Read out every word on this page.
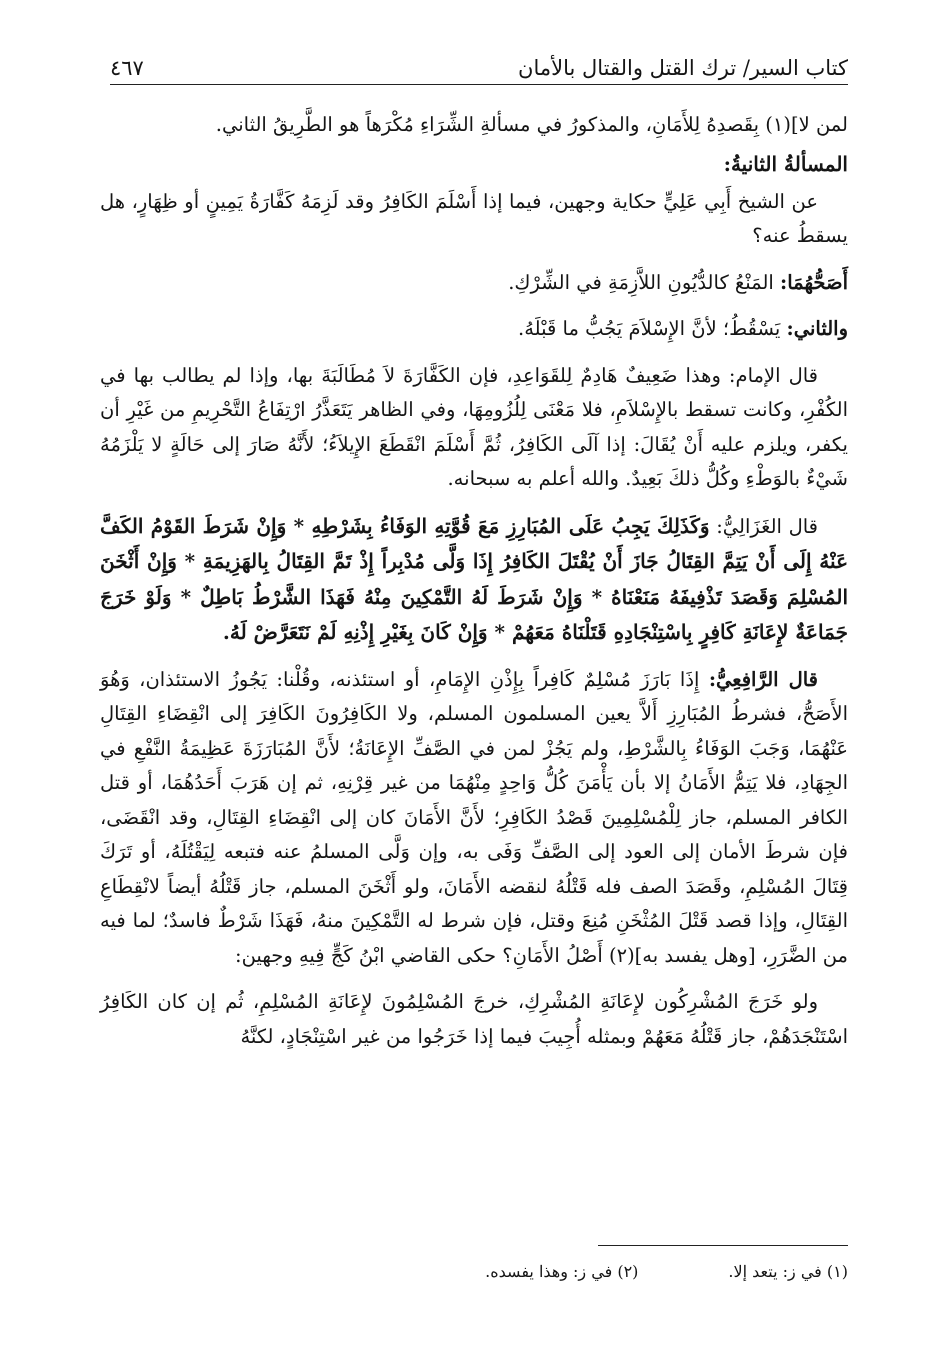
كتاب السير/ ترك القتل والقتال بالأمان
٤٦٧

لمن لا](١) بِقَصدِهُ لِلأَمَانِ، والمذكورُ في مسألةِ الشِّرَاءِ مُكْرَهاً هو الطَّرِيقُ الثاني.

المسألةُ الثانيةُ:

عن الشيخ أَبِي عَلِيٍّ حكاية وجهين، فيما إذا أَسْلَمَ الكَافِرُ وقد لَزِمَهُ كَفَّارَةُ يَمِينٍ أو ظِهَارٍ، هل يسقطُ عنه؟

أَصَحُّهُمَا: المَنْعُ كالدُّيُونِ اللاَّزِمَةِ في الشِّرْكِ.

والثاني: يَسْقُطُ؛ لأنَّ الإِسْلاَمَ يَجُبُّ ما قَبْلَهُ.

قال الإمام: وهذا ضَعِيفٌ هَادِمٌ لِلقَوَاعِدِ، فإن الكَفَّارَةَ لاَ مُطَالَبَةَ بها، وإذا لم يطالب بها في الكُفْرِ، وكانت تسقط بالإِسْلاَمِ، فلا مَعْنَى لِلُزُومِهَا، وفي الظاهر يَتَعَذَّرُ ارْتِفَاعُ التَّحْرِيمِ من غَيْرِ أن يكفر، ويلزم عليه أَنْ يُقَالَ: إذا آلَى الكَافِرُ، ثُمَّ أَسْلَمَ انْقَطَعَ الإِيلاَءُ؛ لأَنَّهُ صَارَ إلى حَالَةٍ لا يَلْزَمُهُ شَيْءٌ بالوَطْءِ وكُلُّ ذلكَ بَعِيدٌ. والله أعلم به سبحانه.

قال الغَزَالِيُّ: وَكَذَلِكَ يَجِبُ عَلَى المُبَارِزِ مَعَ قُوَّتِهِ الوَفَاءُ بِشَرْطِهِ * وَإِنْ شَرَطَ القَوْمُ الكَفَّ عَنْهُ إِلَى أَنْ يَتِمَّ القِتَالُ جَازَ أَنْ يُقْتَلَ الكَافِرُ إِذَا وَلَّى مُدْبِراً إِذْ تَمَّ القِتَالُ بِالهَزِيمَةِ * وَإِنْ أَثْخَنَ المُسْلِمَ وَقَصَدَ تَذْفِيفَهُ مَنَعْنَاهُ * وَإِنْ شَرَطَ لَهُ التَّمْكِينَ مِنْهُ فَهَذَا الشَّرْطُ بَاطِلٌ * وَلَوْ خَرَجَ جَمَاعَةٌ لإِعَانَةِ كَافِرٍ بِاسْتِنْجَادِهِ قَتَلْنَاهُ مَعَهُمْ * وَإِنْ كَانَ بِغَيْرِ إِذْنِهِ لَمْ نَتَعَرَّضْ لَهُ.

قال الرَّافِعِيُّ: إِذَا بَارَزَ مُسْلِمٌ كَافِراً بِإِذْنِ الإِمَامِ، أو استئذنه، وقُلْنا: يَجُوزُ الاستئذان، وَهُوَ الأَصَحُّ، فشرطُ المُبَارِزِ أَلاَّ يعين المسلمون المسلم، ولا الكَافِرُونَ الكَافِرَ إلى انْقِضَاءِ القِتَالِ عَنْهُمَا، وَجَبَ الوَفَاءُ بِالشَّرْطِ، ولم يَجُزْ لمن في الصَّفِّ الإِعَانَةُ؛ لأَنَّ المُبَارَزَةَ عَظِيمَةُ النَّفْعِ في الجِهَادِ، فلا يَتِمُّ الأَمَانُ إلا بأن يَأْمَنَ كُلُّ وَاحِدٍ مِنْهُمَا من غير قِرْنِهِ، ثم إن هَرَبَ أَحَدُهُمَا، أو قتل الكافر المسلم، جاز لِلْمُسْلِمِينَ قَصْدُ الكَافِرِ؛ لأَنَّ الأَمَانَ كان إلى انْقِضَاءِ القِتَالِ، وقد انْقَضَى، فإن شرطَ الأمان إلى العود إلى الصَّفِّ وَفَى به، وإن وَلَّى المسلمُ عنه فتبعه لِيَقْتُلَهُ، أو تَرَكَ قِتَالَ المُسْلِمِ، وقَصَدَ الصف فله قَتْلُهُ لنقضه الأَمَانَ، ولو أَثْخَنَ المسلم، جاز قَتْلُهُ أيضاً لانْقِطَاعِ القِتَالِ، وإذا قصد قَتْلَ المُثْخَنِ مُنِعَ وقتل، فإن شرط له التَّمْكِينَ منهُ، فَهَذَا شَرْطٌ فاسدٌ؛ لما فيه من الضَّرَرِ، [وهل يفسد به](٢) أَصْلُ الأَمَانِ؟ حكى القاضي ابْنُ كَجٍّ فِيهِ وجهين:

ولو خَرَجَ المُشْرِكُون لإِعَانَةِ المُشْرِكِ، خرجَ المُسْلِمُونَ لإِعَانَةِ المُسْلِمِ، ثُم إن كان الكَافِرُ اسْتَنْجَدَهُمْ، جاز قَتْلُهُ مَعَهُمْ وبمثله أُجِيبَ فيما إذا خَرَجُوا من غير اسْتِنْجَادٍ، لكنَّهُ

(١) في ز: يتعد إلا.
(٢) في ز: وهذا يفسده.
